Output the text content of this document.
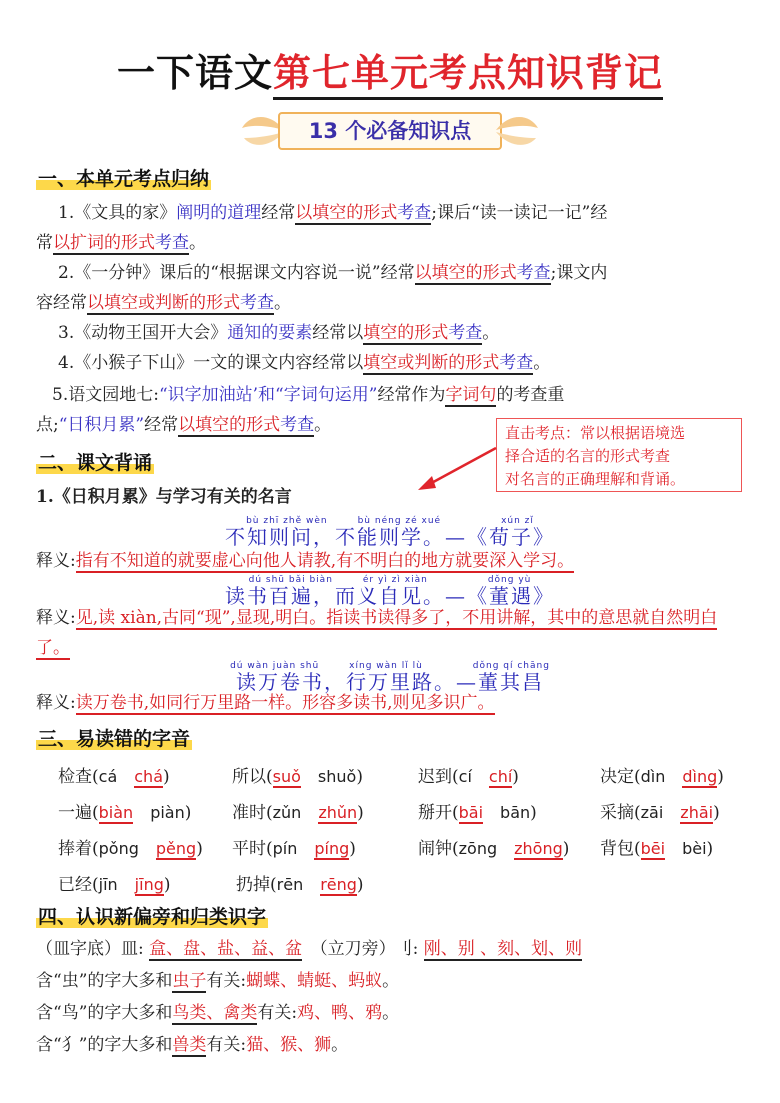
一下语文第七单元考点知识背记
13 个必备知识点
一、本单元考点归纳
1.《文具的家》阐明的道理经常以填空的形式考查;课后“读一读记一记”经
常以扩词的形式考查。
2.《一分钟》课后的“根据课文内容说一说”经常以填空的形式考查;课文内
容经常以填空或判断的形式考查。
3.《动物王国开大会》通知的要素经常以填空的形式考查。
4.《小猴子下山》一文的课文内容经常以填空或判断的形式考查。
5.语文园地七:“识字加油站’和“字词句运用”经常作为字词句的考查重
点;“日积月累”经常以填空的形式考查。	直击考点：常以根据语境选
择合适的名言的形式考查
对名言的正确理解和背诵。
二、课文背诵
1.《日积月累》与学习有关的名言
bù zhī zhě wèn　　　bù néng zé xué　　　　　　xún zǐ
不知则问，不能则学。—《荀子》
释义:指有不知道的就要虚心向他人请教,有不明白的地方就要深入学习。
dú shū bǎi biàn　　　ér yì zì xiàn　　　　　　dǒng yù
读书百遍，而义自见。—《董遇》
释义:见,读 xiàn,古同“现”,显现,明白。指读书读得多了，不用讲解，其中的意思就自然明白了。
dú wàn juàn shū　　　xíng wàn lǐ lù　　　　　dǒng qí chāng
读万卷书，行万里路。—董其昌
释义:读万卷书,如同行万里路一样。形容多读书,则见多识广。
三、易读错的字音
检查(cá　 chá)	所以(suǒ　 shuǒ)	迟到(cí　 chí)	决定(dìn　 dìng)
一遍(biàn　 piàn) 准时(zǔn　 zhǔn)	掰开(bāi　 bān)	采摘(zāi　 zhāi)
捧着(pǒng　 pěng) 平时(pín　 píng)	闹钟(zōng　 zhōng) 背包(bēi　 bèi)
已经(jīn　 jīng)	扔掉(rēn　 rēng)
四、认识新偏旁和归类识字
（皿字底）皿: 盒、盘、盐、益、盆　 （立刀旁）刂: 刚、别 、刻、划、则
含“虫”的字大多和虫子有关:蝴蝶、蜻蜓、蚂蚁。
含“鸟”的字大多和鸟类、禽类有关:鸡、鸭、鸦。
含“犭”的字大多和兽类有关:猫、猴、狮。
